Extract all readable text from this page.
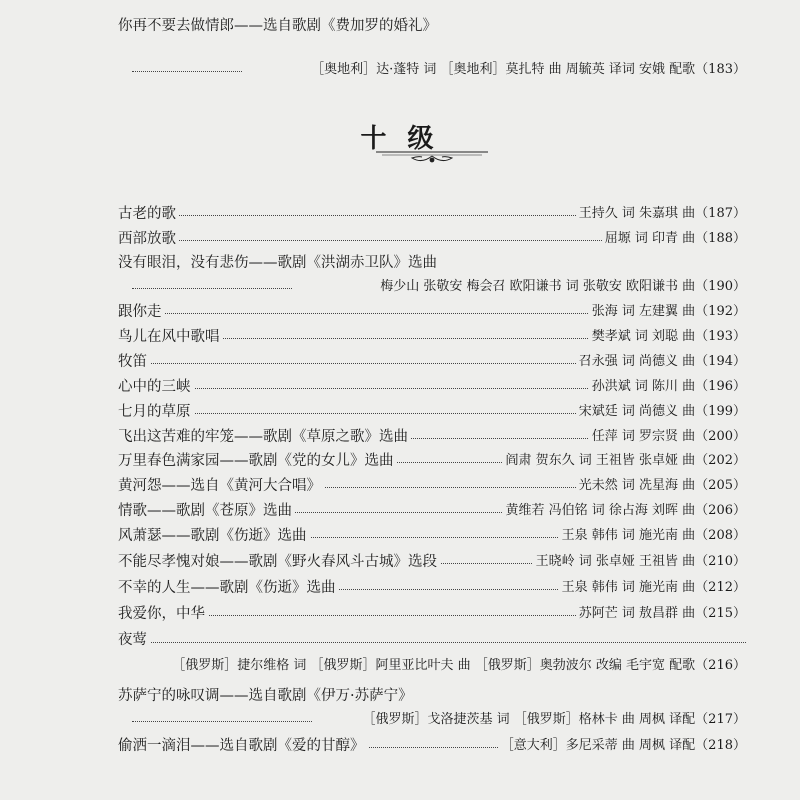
你再不要去做情郎——选自歌剧《费加罗的婚礼》
［奥地利］达·蓬特 词 ［奥地利］莫扎特 曲 周毓英 译词 安娥 配歌（183）
十 级
古老的歌	王持久 词 朱嘉琪 曲（187）
西部放歌	屈塬 词 印青 曲（188）
没有眼泪，没有悲伤——歌剧《洪湖赤卫队》选曲
梅少山 张敬安 梅会召 欧阳谦书 词 张敬安 欧阳谦书 曲（190）
跟你走	张海 词 左建翼 曲（192）
鸟儿在风中歌唱	樊孝斌 词 刘聪 曲（193）
牧笛	召永强 词 尚德义 曲（194）
心中的三峡	孙洪斌 词 陈川 曲（196）
七月的草原	宋斌廷 词 尚德义 曲（199）
飞出这苦难的牢笼——歌剧《草原之歌》选曲	任萍 词 罗宗贤 曲（200）
万里春色满家园——歌剧《党的女儿》选曲	阎肃 贺东久 词 王祖皆 张卓娅 曲（202）
黄河怨——选自《黄河大合唱》	光未然 词 冼星海 曲（205）
情歌——歌剧《苍原》选曲	黄维若 冯伯铭 词 徐占海 刘晖 曲（206）
风萧瑟——歌剧《伤逝》选曲	王泉 韩伟 词 施光南 曲（208）
不能尽孝愧对娘——歌剧《野火春风斗古城》选段	王晓岭 词 张卓娅 王祖皆 曲（210）
不幸的人生——歌剧《伤逝》选曲	王泉 韩伟 词 施光南 曲（212）
我爱你，中华	苏阿芒 词 敖昌群 曲（215）
夜莺
［俄罗斯］捷尔维格 词 ［俄罗斯］阿里亚比叶夫 曲 ［俄罗斯］奥勃波尔 改编 毛宇宽 配歌（216）
苏萨宁的咏叹调——选自歌剧《伊万·苏萨宁》
［俄罗斯］戈洛捷茨基 词 ［俄罗斯］格林卡 曲 周枫 译配（217）
偷洒一滴泪——选自歌剧《爱的甘醇》	［意大利］多尼采蒂 曲 周枫 译配（218）
